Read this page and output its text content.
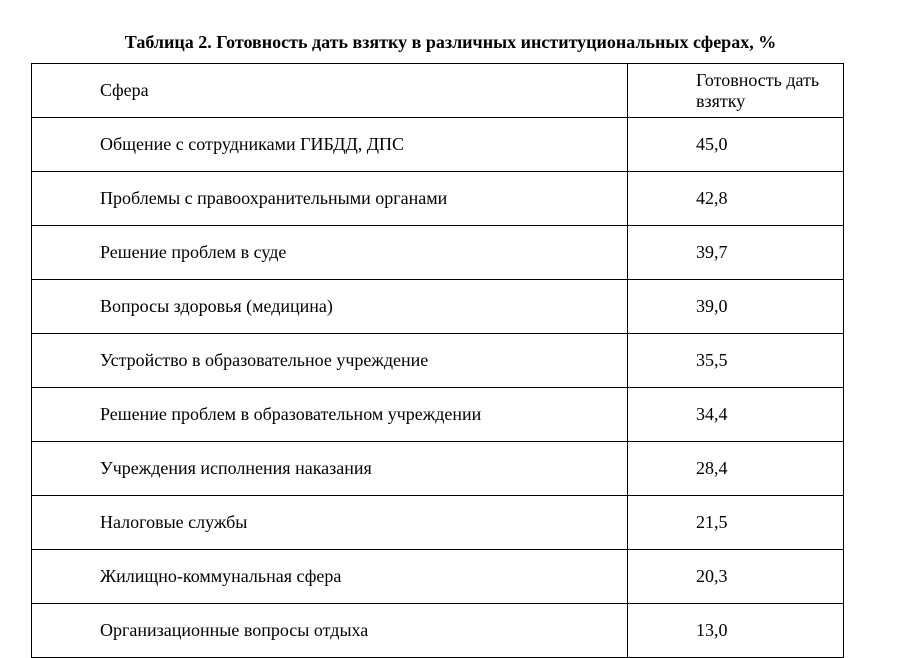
Таблица 2. Готовность дать взятку в различных институциональных сферах, %
Сфера	Готовность дать взятку
Общение с сотрудниками ГИБДД, ДПС	45,0
Проблемы с правоохранительными органами	42,8
Решение проблем в суде	39,7
Вопросы здоровья (медицина)	39,0
Устройство в образовательное учреждение	35,5
Решение проблем в образовательном учреждении	34,4
Учреждения исполнения наказания	28,4
Налоговые службы	21,5
Жилищно-коммунальная сфера	20,3
Организационные вопросы отдыха	13,0
